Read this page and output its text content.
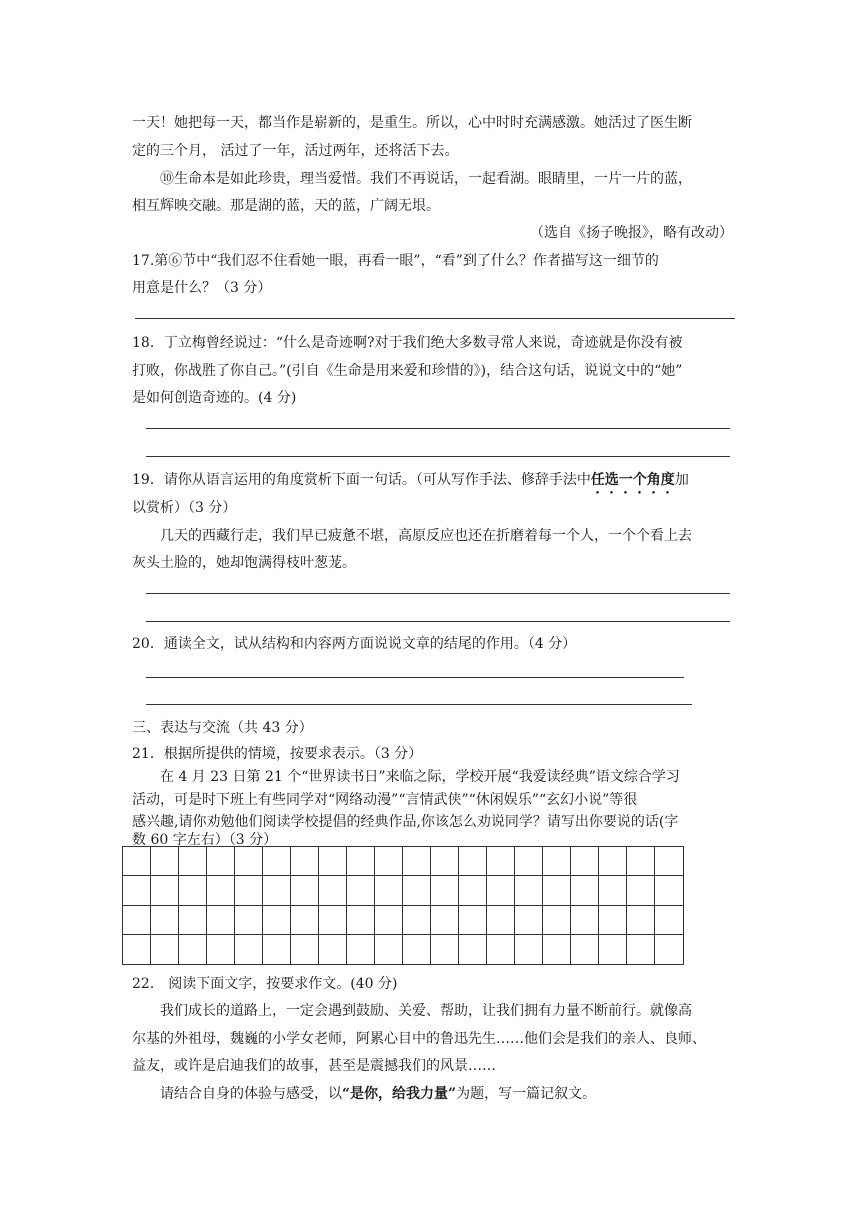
一天！她把每一天，都当作是崭新的，是重生。所以，心中时时充满感激。她活过了医生断
定的三个月， 活过了一年，活过两年，还将活下去。
⑩生命本是如此珍贵，理当爱惜。我们不再说话，一起看湖。眼睛里，一片一片的蓝，
相互辉映交融。那是湖的蓝，天的蓝，广阔无垠。
（选自《扬子晚报》，略有改动）
17.第⑥节中“我们忍不住看她一眼，再看一眼”，“看”到了什么？作者描写这一细节的
用意是什么？（3 分）
18．丁立梅曾经说过：“什么是奇迹啊?对于我们绝大多数寻常人来说，奇迹就是你没有被
打败，你战胜了你自己。”(引自《生命是用来爱和珍惜的》)，结合这句话，说说文中的“她”
是如何创造奇迹的。(4 分)
19．请你从语言运用的角度赏析下面一句话。（可从写作手法、修辞手法中任选一个角度加
以赏析）（3 分）
几天的西藏行走，我们早已疲惫不堪，高原反应也还在折磨着每一个人，一个个看上去
灰头土脸的，她却饱满得枝叶葱茏。
20．通读全文，试从结构和内容两方面说说文章的结尾的作用。（4 分）
三、表达与交流（共 43 分）
21．根据所提供的情境，按要求表示。（3 分）
在 4 月 23 日第 21 个“世界读书日”来临之际，学校开展“我爱读经典”语文综合学习
活动，可是时下班上有些同学对“网络动漫”“言情武侠”“休闲娱乐”“玄幻小说”等很
感兴趣,请你劝勉他们阅读学校提倡的经典作品,你该怎么劝说同学？请写出你要说的话(字
数 60 字左右）（3 分）
22． 阅读下面文字，按要求作文。(40 分)
我们成长的道路上，一定会遇到鼓励、关爱、帮助，让我们拥有力量不断前行。就像高
尔基的外祖母，魏巍的小学女老师，阿累心目中的鲁迅先生……他们会是我们的亲人、良师、
益友，或许是启迪我们的故事，甚至是震撼我们的风景……
请结合自身的体验与感受，以“是你，给我力量”为题，写一篇记叙文。
